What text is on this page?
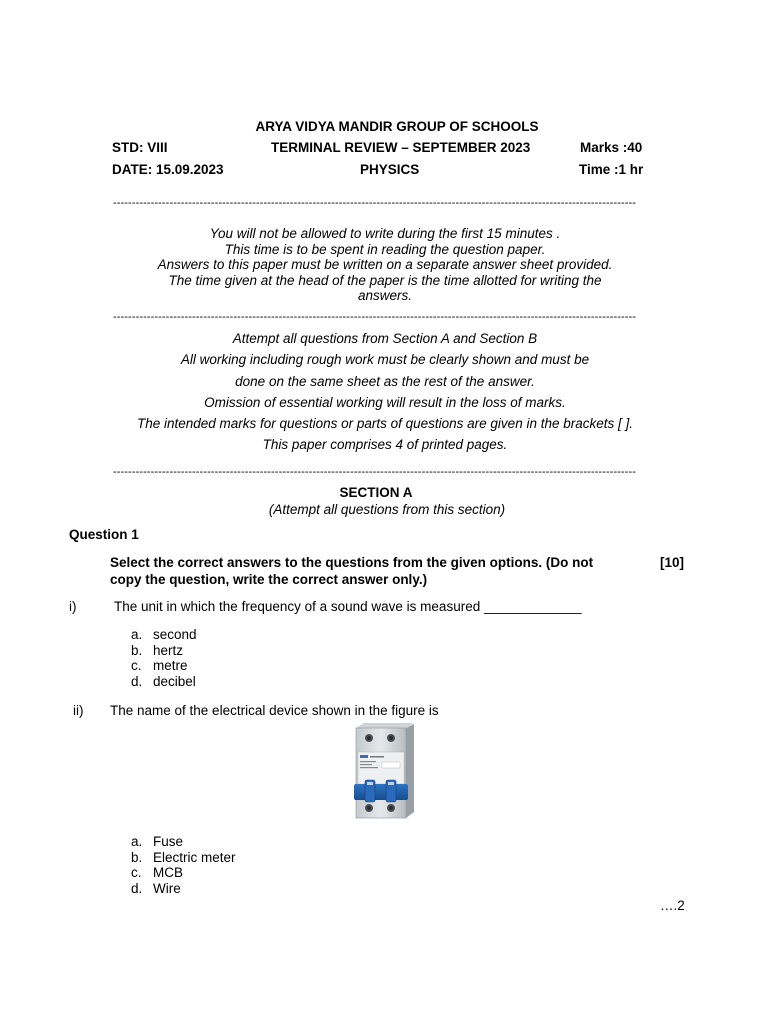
ARYA VIDYA MANDIR GROUP OF SCHOOLS
STD: VIII	TERMINAL REVIEW – SEPTEMBER 2023	Marks :40
DATE: 15.09.2023	PHYSICS	Time :1 hr
-------------------------------------------------------------------------------------------------------------------------------------------
You will not be allowed to write during the first 15 minutes .
This time is to be spent in reading the question paper.
Answers to this paper must be written on a separate answer sheet provided.
The time given at the head of the paper is the time allotted for writing the
answers.
-------------------------------------------------------------------------------------------------------------------------------------------
Attempt all questions from Section A and Section B
All working including rough work must be clearly shown and must be
done on the same sheet as the rest of the answer.
Omission of essential working will result in the loss of marks.
The intended marks for questions or parts of questions are given in the brackets [ ].
This paper comprises 4 of printed pages.
-------------------------------------------------------------------------------------------------------------------------------------------
SECTION A
(Attempt all questions from this section)
Question 1
Select the correct answers to the questions from the given options. (Do not
copy the question, write the correct answer only.)
[10]
i)	The unit in which the frequency of a sound wave is measured _____________
a. second
b. hertz
c. metre
d. decibel
ii) The name of the electrical device shown in the figure is
a. Fuse
b. Electric meter
c. MCB
d. Wire
….2
